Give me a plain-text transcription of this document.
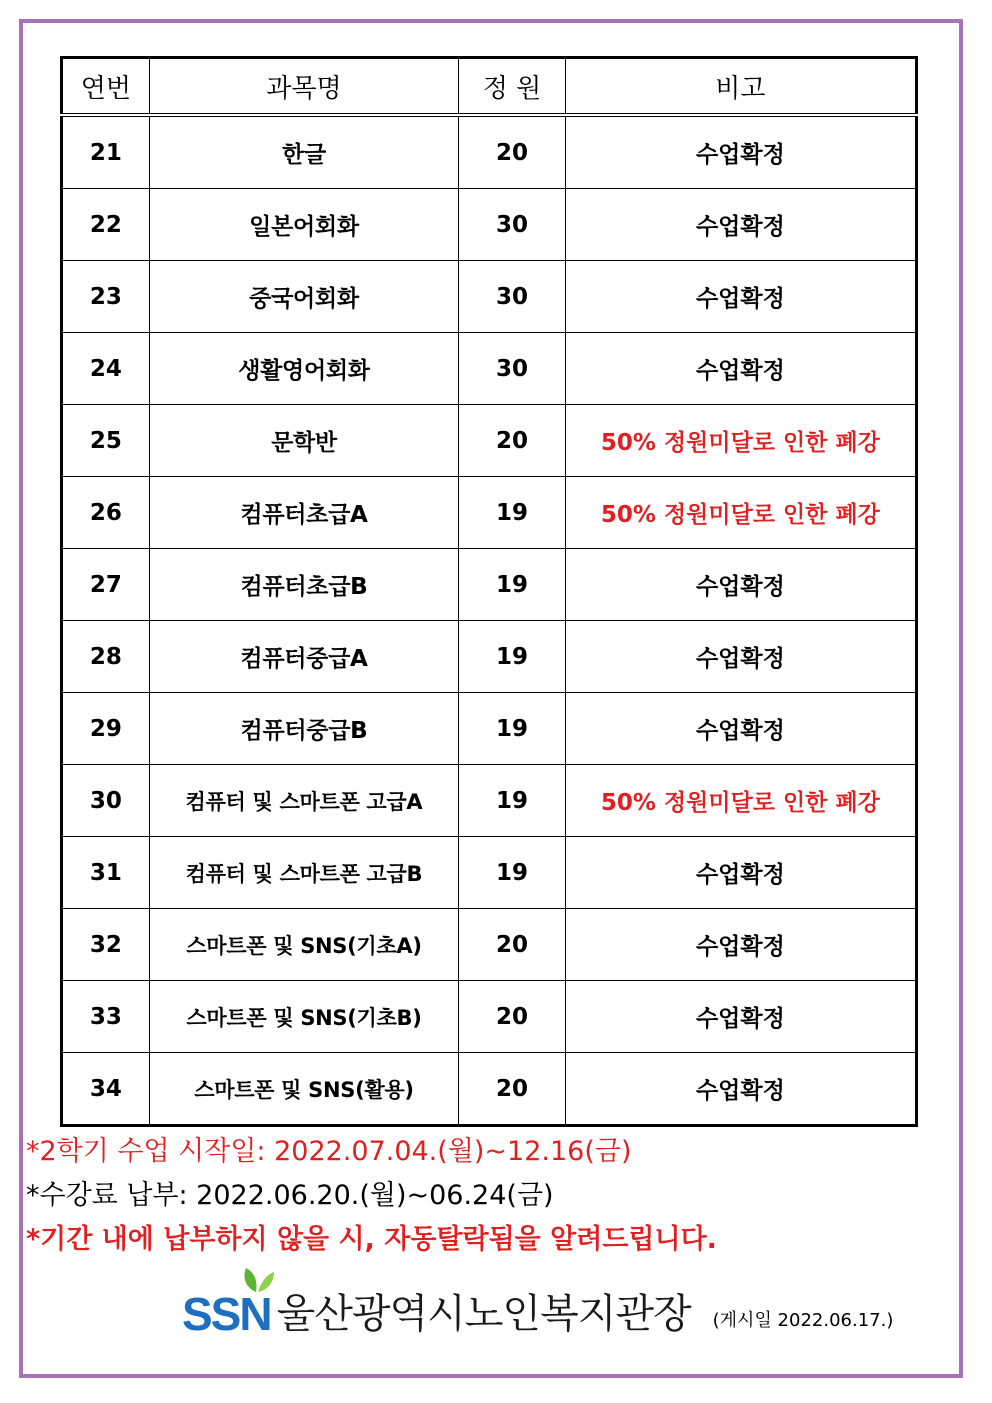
연번	과목명	정 원	비고
21	한글	20	수업확정
22	일본어회화	30	수업확정
23	중국어회화	30	수업확정
24	생활영어회화	30	수업확정
25	문학반	20	50% 정원미달로 인한 폐강
26	컴퓨터초급A	19	50% 정원미달로 인한 폐강
27	컴퓨터초급B	19	수업확정
28	컴퓨터중급A	19	수업확정
29	컴퓨터중급B	19	수업확정
30	컴퓨터 및 스마트폰 고급A	19	50% 정원미달로 인한 폐강
31	컴퓨터 및 스마트폰 고급B	19	수업확정
32	스마트폰 및 SNS(기초A)	20	수업확정
33	스마트폰 및 SNS(기초B)	20	수업확정
34	스마트폰 및 SNS(활용)	20	수업확정
*2학기 수업 시작일: 2022.07.04.(월)~12.16(금)
*수강료 납부: 2022.06.20.(월)~06.24(금)
*기간 내에 납부하지 않을 시, 자동탈락됨을 알려드립니다.
SSN 울산광역시노인복지관장 (게시일 2022.06.17.)
